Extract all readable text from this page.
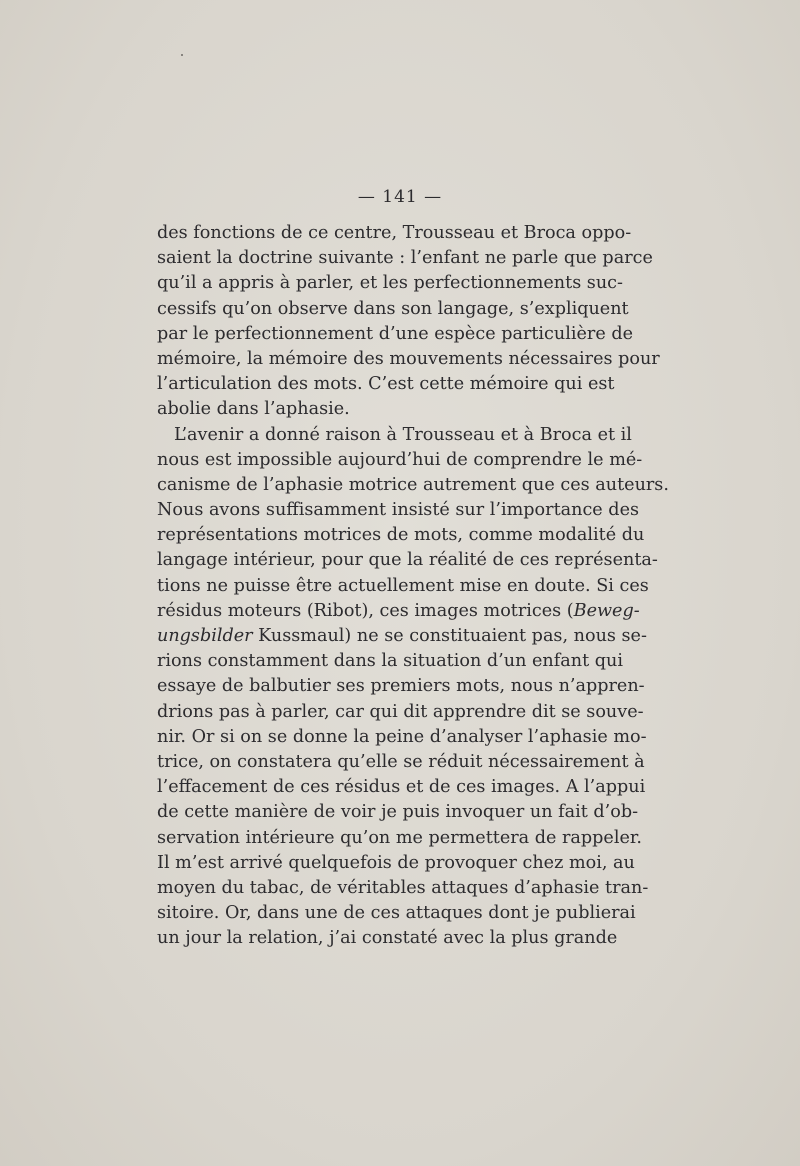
— 141 —
des fonctions de ce centre, Trousseau et Broca oppo-
saient la doctrine suivante : l’enfant ne parle que parce
qu’il a appris à parler, et les perfectionnements suc-
cessifs qu’on observe dans son langage, s’expliquent
par le perfectionnement d’une espèce particulière de
mémoire, la mémoire des mouvements nécessaires pour
l’articulation des mots. C’est cette mémoire qui est
abolie dans l’aphasie.
L’avenir a donné raison à Trousseau et à Broca et il
nous est impossible aujourd’hui de comprendre le mé-
canisme de l’aphasie motrice autrement que ces auteurs.
Nous avons suffisamment insisté sur l’importance des
représentations motrices de mots, comme modalité du
langage intérieur, pour que la réalité de ces représenta-
tions ne puisse être actuellement mise en doute. Si ces
résidus moteurs (Ribot), ces images motrices (Beweg-
ungsbilder Kussmaul) ne se constituaient pas, nous se-
rions constamment dans la situation d’un enfant qui
essaye de balbutier ses premiers mots, nous n’appren-
drions pas à parler, car qui dit apprendre dit se souve-
nir. Or si on se donne la peine d’analyser l’aphasie mo-
trice, on constatera qu’elle se réduit nécessairement à
l’effacement de ces résidus et de ces images. A l’appui
de cette manière de voir je puis invoquer un fait d’ob-
servation intérieure qu’on me permettera de rappeler.
Il m’est arrivé quelquefois de provoquer chez moi, au
moyen du tabac, de véritables attaques d’aphasie tran-
sitoire. Or, dans une de ces attaques dont je publierai
un jour la relation, j’ai constaté avec la plus grande
